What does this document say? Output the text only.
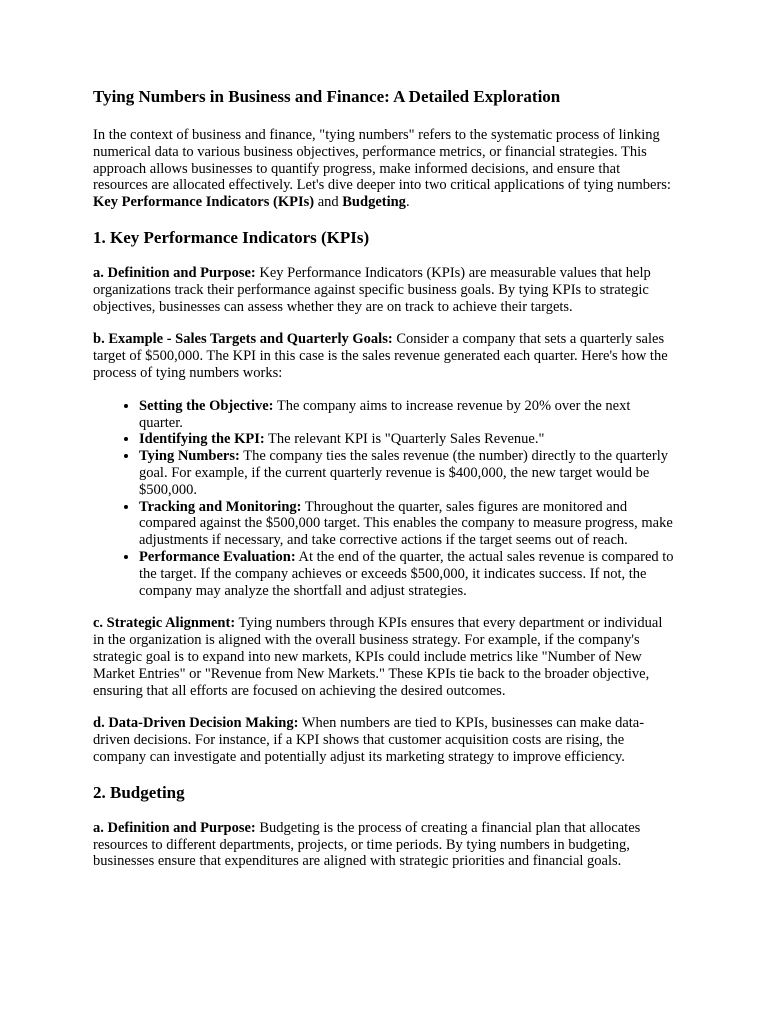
Tying Numbers in Business and Finance: A Detailed Exploration

In the context of business and finance, "tying numbers" refers to the systematic process of linking numerical data to various business objectives, performance metrics, or financial strategies. This approach allows businesses to quantify progress, make informed decisions, and ensure that resources are allocated effectively. Let's dive deeper into two critical applications of tying numbers: Key Performance Indicators (KPIs) and Budgeting.

1. Key Performance Indicators (KPIs)

a. Definition and Purpose: Key Performance Indicators (KPIs) are measurable values that help organizations track their performance against specific business goals. By tying KPIs to strategic objectives, businesses can assess whether they are on track to achieve their targets.

b. Example - Sales Targets and Quarterly Goals: Consider a company that sets a quarterly sales target of $500,000. The KPI in this case is the sales revenue generated each quarter. Here's how the process of tying numbers works:

• Setting the Objective: The company aims to increase revenue by 20% over the next quarter.
• Identifying the KPI: The relevant KPI is "Quarterly Sales Revenue."
• Tying Numbers: The company ties the sales revenue (the number) directly to the quarterly goal. For example, if the current quarterly revenue is $400,000, the new target would be $500,000.
• Tracking and Monitoring: Throughout the quarter, sales figures are monitored and compared against the $500,000 target. This enables the company to measure progress, make adjustments if necessary, and take corrective actions if the target seems out of reach.
• Performance Evaluation: At the end of the quarter, the actual sales revenue is compared to the target. If the company achieves or exceeds $500,000, it indicates success. If not, the company may analyze the shortfall and adjust strategies.

c. Strategic Alignment: Tying numbers through KPIs ensures that every department or individual in the organization is aligned with the overall business strategy. For example, if the company's strategic goal is to expand into new markets, KPIs could include metrics like "Number of New Market Entries" or "Revenue from New Markets." These KPIs tie back to the broader objective, ensuring that all efforts are focused on achieving the desired outcomes.

d. Data-Driven Decision Making: When numbers are tied to KPIs, businesses can make data-driven decisions. For instance, if a KPI shows that customer acquisition costs are rising, the company can investigate and potentially adjust its marketing strategy to improve efficiency.

2. Budgeting

a. Definition and Purpose: Budgeting is the process of creating a financial plan that allocates resources to different departments, projects, or time periods. By tying numbers in budgeting, businesses ensure that expenditures are aligned with strategic priorities and financial goals.
